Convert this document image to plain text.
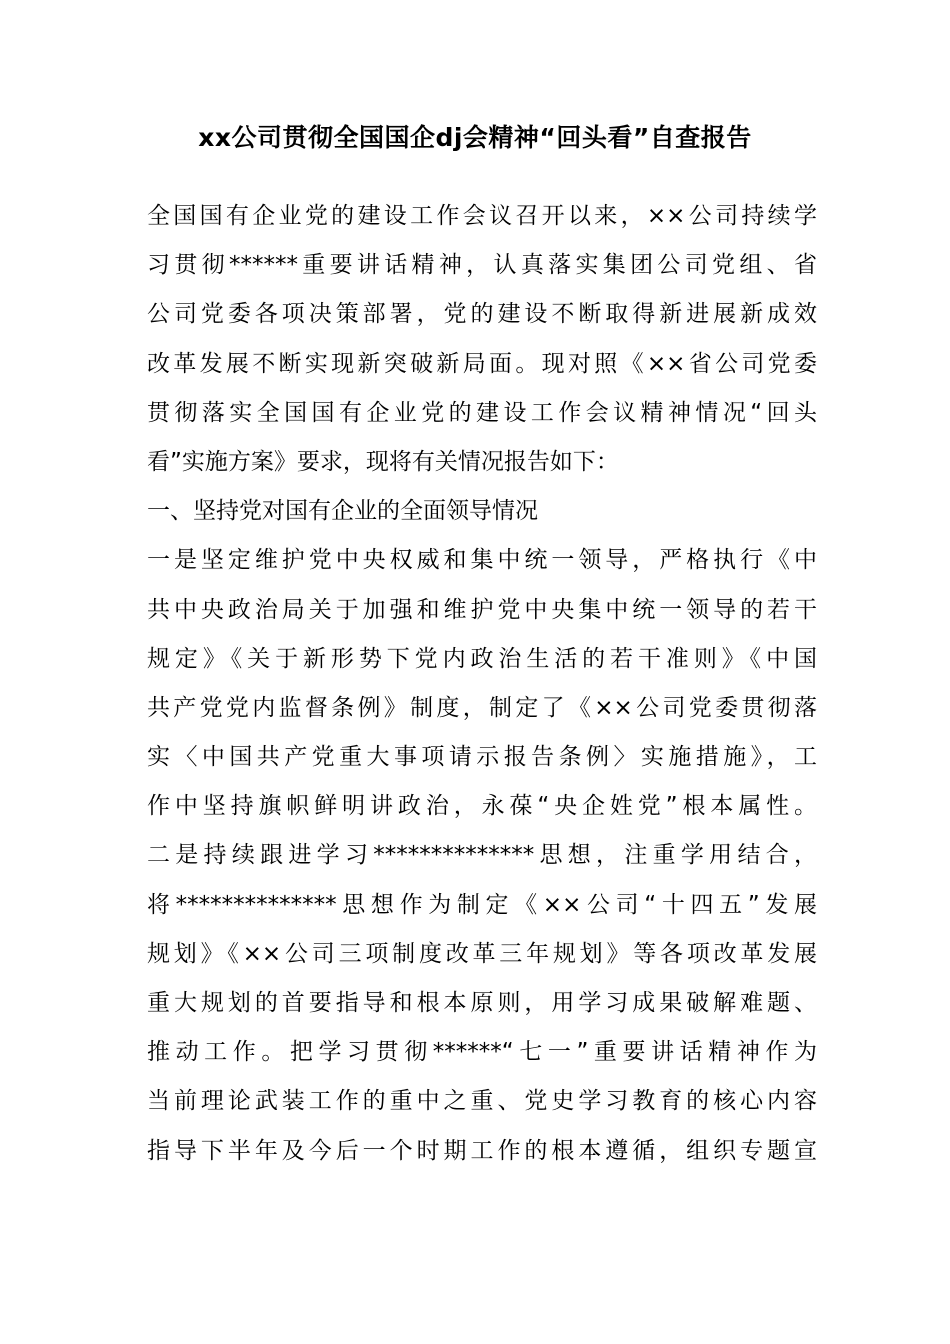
xx公司贯彻全国国企dj会精神“回头看”自查报告
全国国有企业党的建设工作会议召开以来，××公司持续学
习贯彻******重要讲话精神，认真落实集团公司党组、省
公司党委各项决策部署，党的建设不断取得新进展新成效
改革发展不断实现新突破新局面。现对照《××省公司党委
贯彻落实全国国有企业党的建设工作会议精神情况“回头
看”实施方案》要求，现将有关情况报告如下：
一、坚持党对国有企业的全面领导情况
一是坚定维护党中央权威和集中统一领导，严格执行《中
共中央政治局关于加强和维护党中央集中统一领导的若干
规定》《关于新形势下党内政治生活的若干准则》《中国
共产党党内监督条例》制度，制定了《××公司党委贯彻落
实〈中国共产党重大事项请示报告条例〉实施措施》，工
作中坚持旗帜鲜明讲政治，永葆“央企姓党”根本属性。
二是持续跟进学习**************思想，注重学用结合，
将**************思想作为制定《××公司“十四五”发展
规划》《××公司三项制度改革三年规划》等各项改革发展
重大规划的首要指导和根本原则，用学习成果破解难题、
推动工作。把学习贯彻******“七一”重要讲话精神作为
当前理论武装工作的重中之重、党史学习教育的核心内容
指导下半年及今后一个时期工作的根本遵循，组织专题宣
